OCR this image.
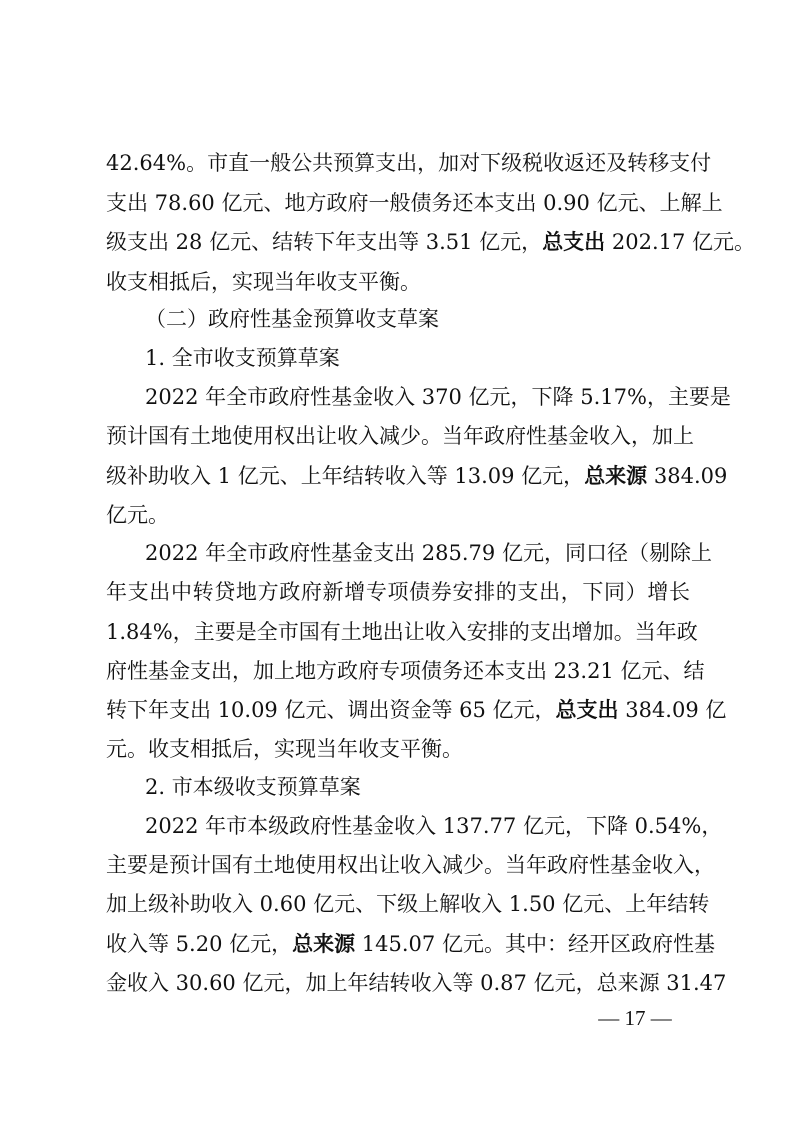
42.64%。市直一般公共预算支出，加对下级税收返还及转移支付
支出 78.60 亿元、地方政府一般债务还本支出 0.90 亿元、上解上
级支出 28 亿元、结转下年支出等 3.51 亿元，总支出 202.17 亿元。
收支相抵后，实现当年收支平衡。
（二）政府性基金预算收支草案
1. 全市收支预算草案
2022 年全市政府性基金收入 370 亿元，下降 5.17%，主要是
预计国有土地使用权出让收入减少。当年政府性基金收入，加上
级补助收入 1 亿元、上年结转收入等 13.09 亿元，总来源 384.09
亿元。
2022 年全市政府性基金支出 285.79 亿元，同口径（剔除上
年支出中转贷地方政府新增专项债券安排的支出，下同）增长
1.84%，主要是全市国有土地出让收入安排的支出增加。当年政
府性基金支出，加上地方政府专项债务还本支出 23.21 亿元、结
转下年支出 10.09 亿元、调出资金等 65 亿元，总支出 384.09 亿
元。收支相抵后，实现当年收支平衡。
2. 市本级收支预算草案
2022 年市本级政府性基金收入 137.77 亿元，下降 0.54%，
主要是预计国有土地使用权出让收入减少。当年政府性基金收入，
加上级补助收入 0.60 亿元、下级上解收入 1.50 亿元、上年结转
收入等 5.20 亿元，总来源 145.07 亿元。其中：经开区政府性基
金收入 30.60 亿元，加上年结转收入等 0.87 亿元，总来源 31.47
— 17 —
